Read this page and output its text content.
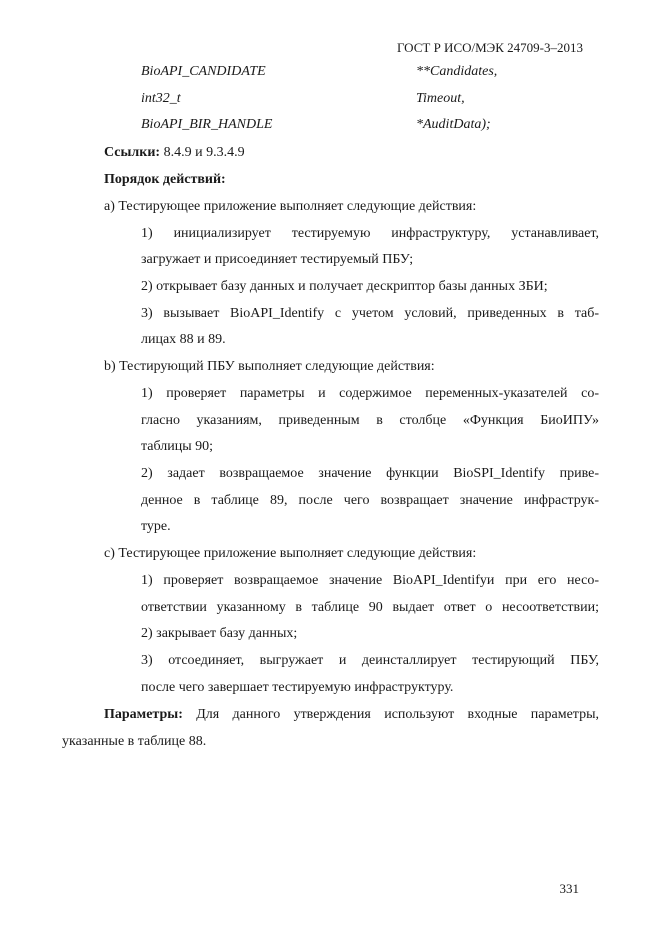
ГОСТ Р ИСО/МЭК 24709-3–2013
BioAPI_CANDIDATE	**Candidates,
int32_t	Timeout,
BioAPI_BIR_HANDLE	*AuditData);
Ссылки: 8.4.9 и 9.3.4.9
Порядок действий:
a) Тестирующее приложение выполняет следующие действия:
1) инициализирует тестируемую инфраструктуру, устанавливает,
загружает и присоединяет тестируемый ПБУ;
2) открывает базу данных и получает дескриптор базы данных ЗБИ;
3) вызывает BioAPI_Identify с учетом условий, приведенных в таб-
лицах 88 и 89.
b) Тестирующий ПБУ выполняет следующие действия:
1) проверяет параметры и содержимое переменных-указателей со-
гласно указаниям, приведенным в столбце «Функция БиоИПУ»
таблицы 90;
2) задает возвращаемое значение функции BioSPI_Identify приве-
денное в таблице 89, после чего возвращает значение инфраструк-
туре.
c) Тестирующее приложение выполняет следующие действия:
1) проверяет возвращаемое значение BioAPI_Identifyи при его несо-
ответствии указанному в таблице 90 выдает ответ о несоответствии;
2) закрывает базу данных;
3) отсоединяет, выгружает и деинсталлирует тестирующий ПБУ,
после чего завершает тестируемую инфраструктуру.
Параметры: Для данного утверждения используют входные параметры,
указанные в таблице 88.
331
